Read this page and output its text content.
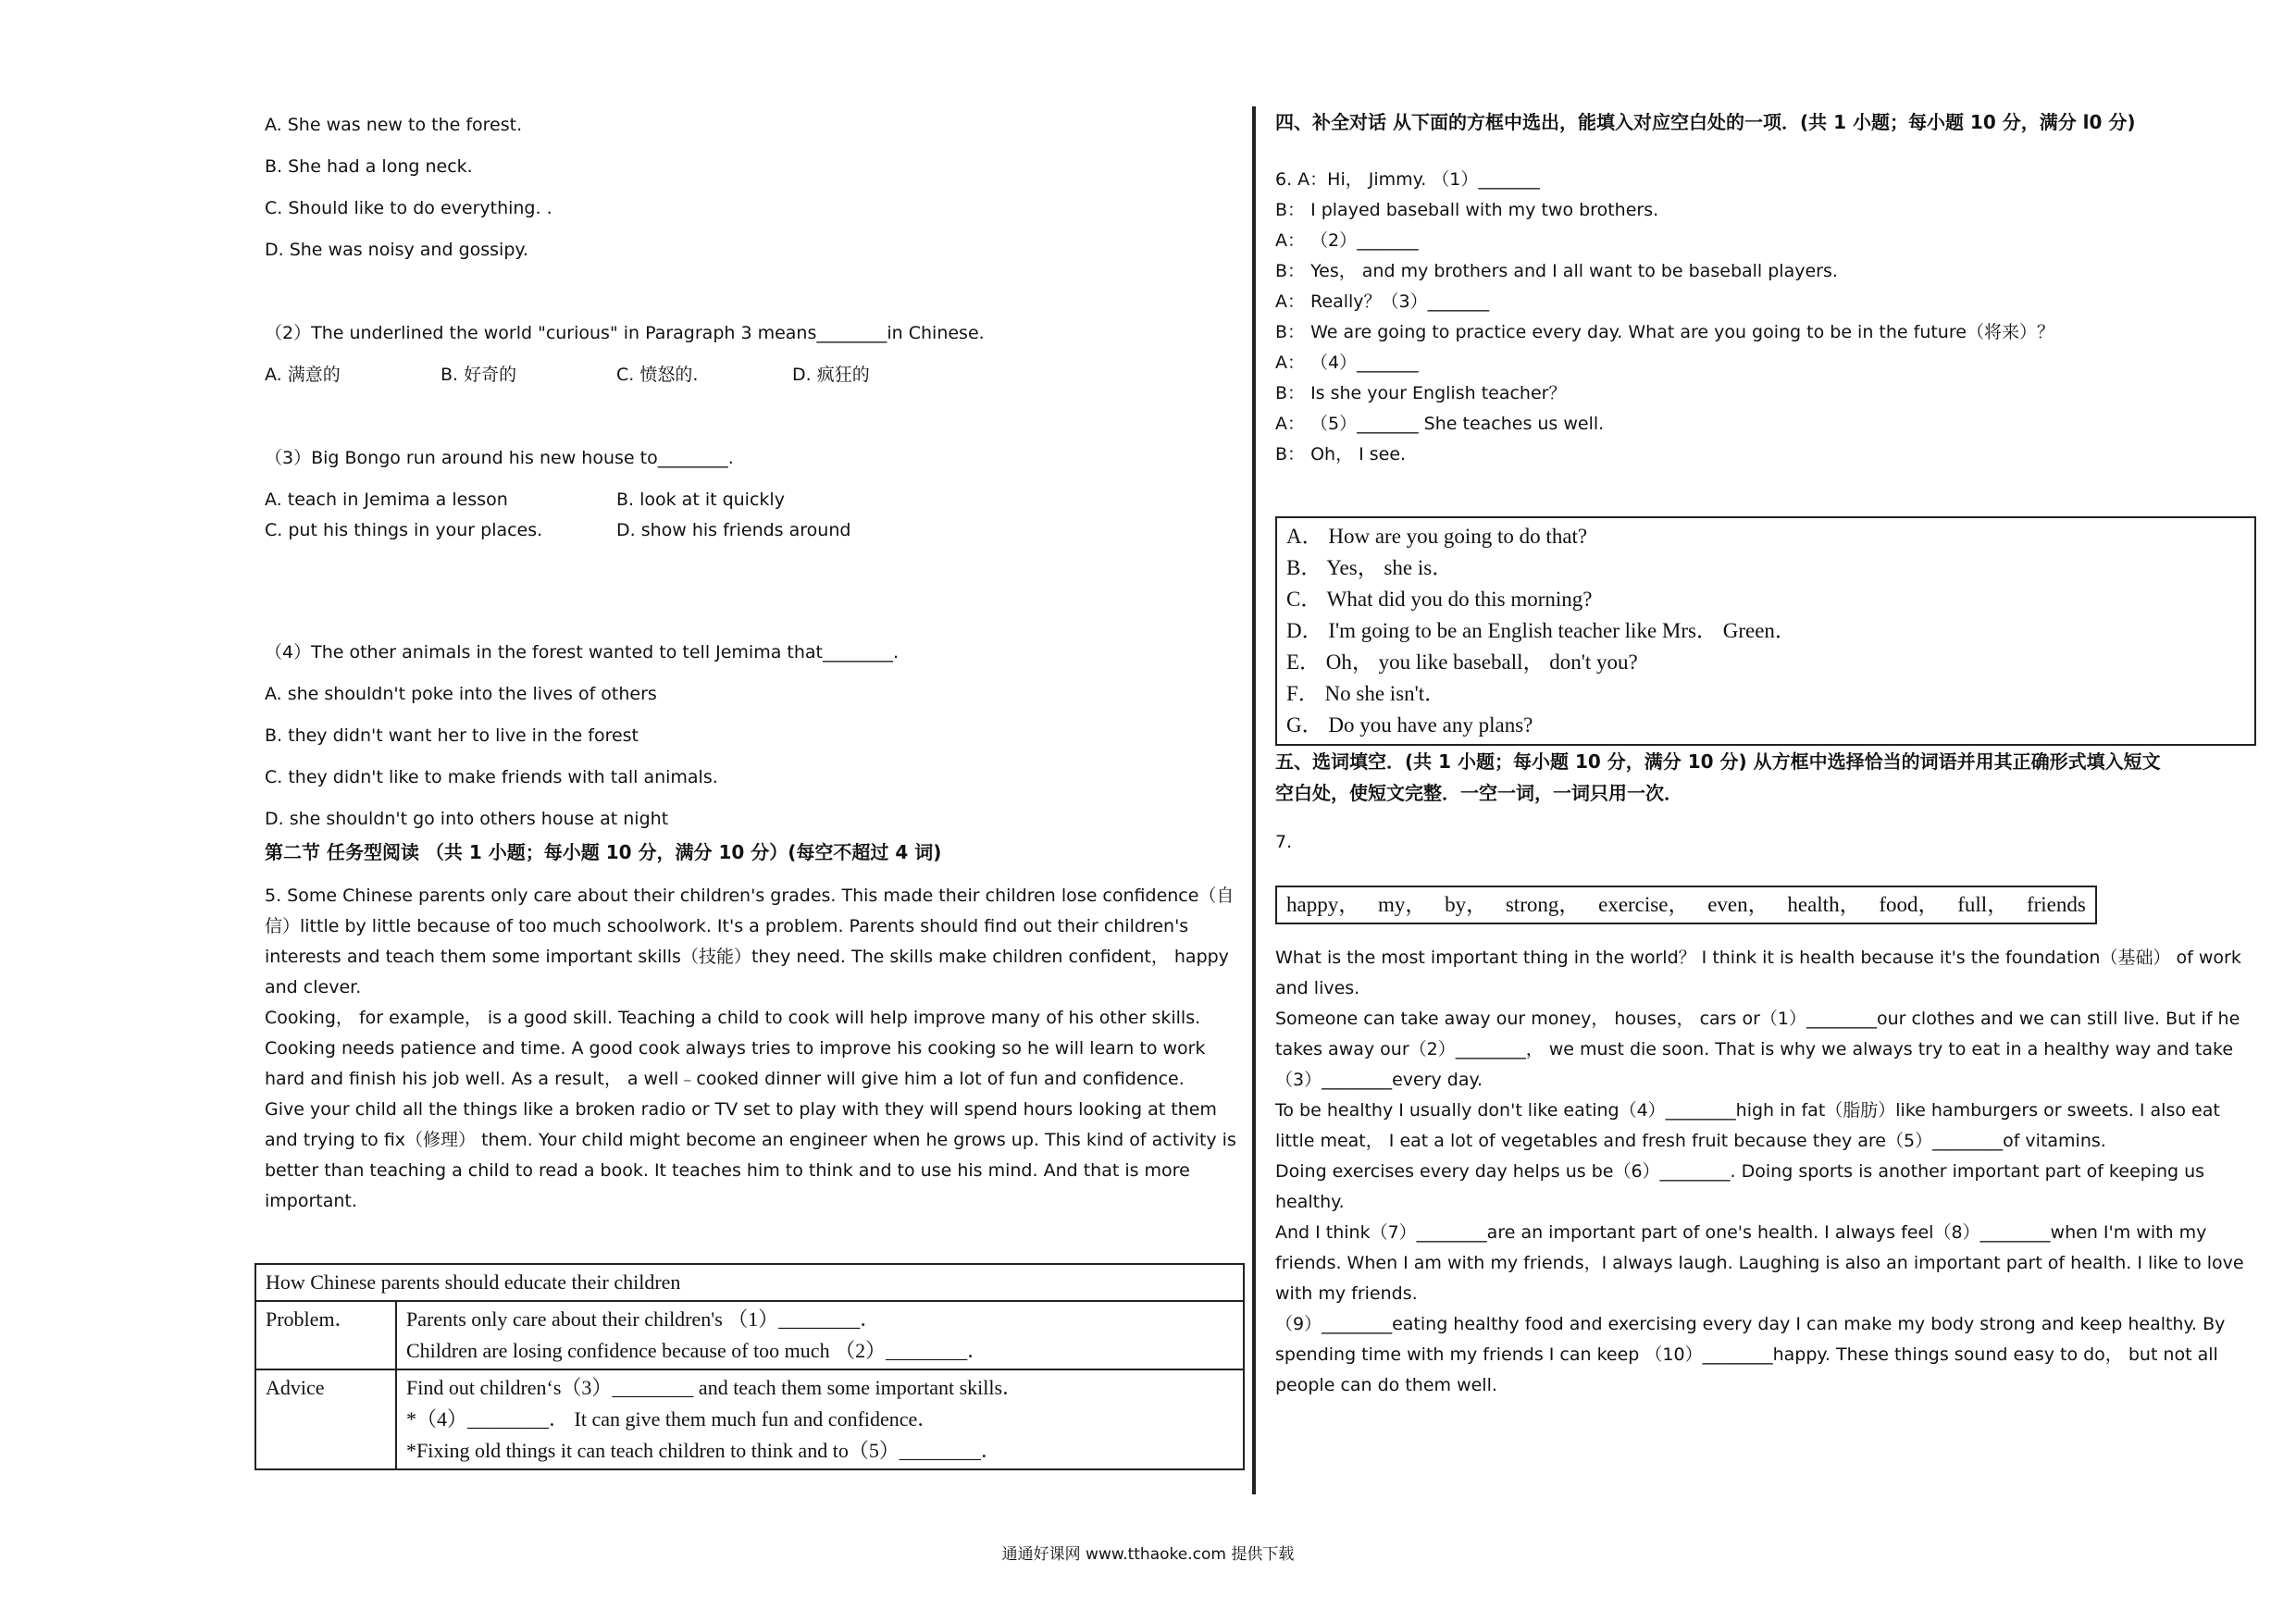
A. She was new to the forest.
B. She had a long neck.
C. Should like to do everything. .
D. She was noisy and gossipy.
（2）The underlined the world "curious" in Paragraph 3 means________in Chinese.
A. 满意的	B. 好奇的	C. 愤怒的.	D. 疯狂的
（3）Big Bongo run around his new house to________.
A. teach in Jemima a lesson	B. look at it quickly
C. put his things in your places.	D. show his friends around
（4）The other animals in the forest wanted to tell Jemima that________.
A. she shouldn't poke into the lives of others
B. they didn't want her to live in the forest
C. they didn't like to make friends with tall animals.
D. she shouldn't go into others house at night
第二节 任务型阅读 （共 1 小题；每小题 10 分，满分 10 分）(每空不超过 4 词)
5. Some Chinese parents only care about their children's grades. This made their children lose confidence（自信）little by little because of too much schoolwork. It's a problem. Parents should find out their children's interests and teach them some important skills（技能）they need. The skills make children confident， happy and clever.
Cooking， for example， is a good skill. Teaching a child to cook will help improve many of his other skills. Cooking needs patience and time. A good cook always tries to improve his cooking so he will learn to work hard and finish his job well. As a result， a well﹣cooked dinner will give him a lot of fun and confidence.
Give your child all the things like a broken radio or TV set to play with they will spend hours looking at them and trying to fix（修理） them. Your child might become an engineer when he grows up. This kind of activity is better than teaching a child to read a book. It teaches him to think and to use his mind. And that is more important.
How Chinese parents should educate their children	
Problem．	Parents only care about their children's （1）________．
Children are losing confidence because of too much （2）________．

Advice	Find out children‘s（3）________ and teach them some important skills．
*（4）________． It can give them much fun and confidence．
*Fixing old things it can teach children to think and to（5）________．
四、补全对话 从下面的方框中选出，能填入对应空白处的一项．(共 1 小题；每小题 10 分，满分 l0 分)
6. A：Hi， Jimmy. （1）_______
B： I played baseball with my two brothers.
A： （2）_______
B： Yes， and my brothers and I all want to be baseball players.
A： Really？（3）_______
B： We are going to practice every day. What are you going to be in the future（将来）？
A： （4）_______
B： Is she your English teacher？
A： （5）_______ She teaches us well.
B： Oh， I see.
A． How are you going to do that?
B． Yes， she is．
C． What did you do this morning?
D． I'm going to be an English teacher like Mrs． Green．
E． Oh， you like baseball， don't you?
F． No she isn't．
G． Do you have any plans?
五、选词填空．(共 1 小题；每小题 10 分，满分 10 分) 从方框中选择恰当的词语并用其正确形式填入短文
空白处，使短文完整．一空一词，一词只用一次．
7.
happy， my， by， strong， exercise， even， health， food， full， friends
What is the most important thing in the world？ I think it is health because it's the foundation（基础） of work and lives.
Someone can take away our money， houses， cars or（1）________our clothes and we can still live. But if he takes away our（2）________， we must die soon. That is why we always try to eat in a healthy way and take（3）________every day.
To be healthy I usually don't like eating（4）________high in fat（脂肪）like hamburgers or sweets. I also eat little meat， I eat a lot of vegetables and fresh fruit because they are（5）________of vitamins.
Doing exercises every day helps us be（6）________. Doing sports is another important part of keeping us healthy.
And I think（7）________are an important part of one's health. I always feel（8）________when I'm with my friends. When I am with my friends，I always laugh. Laughing is also an important part of health. I like to love with my friends.
（9）________eating healthy food and exercising every day I can make my body strong and keep healthy. By spending time with my friends I can keep （10）________happy. These things sound easy to do， but not all people can do them well.
通通好课网 www.tthaoke.com 提供下载
